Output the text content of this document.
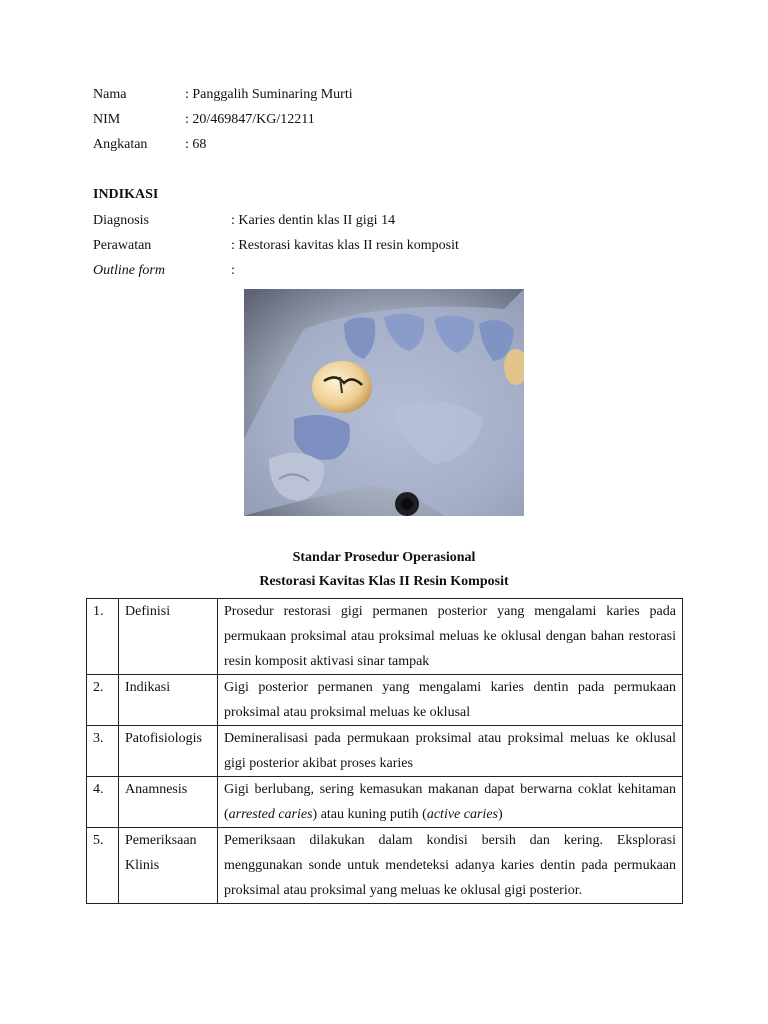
Nama	: Panggalih Suminaring Murti
NIM	: 20/469847/KG/12211
Angkatan	: 68
INDIKASI
Diagnosis	: Karies dentin klas II gigi 14
Perawatan	: Restorasi kavitas klas II resin komposit
Outline form	:
Standar Prosedur Operasional
Restorasi Kavitas Klas II Resin Komposit
1.	Definisi	Prosedur restorasi gigi permanen posterior yang mengalami karies pada permukaan proksimal atau proksimal meluas ke oklusal dengan bahan restorasi resin komposit aktivasi sinar tampak
2.	Indikasi	Gigi posterior permanen yang mengalami karies dentin pada permukaan proksimal atau proksimal meluas ke oklusal
3.	Patofisiologis	Demineralisasi pada permukaan proksimal atau proksimal meluas ke oklusal gigi posterior akibat proses karies
4.	Anamnesis	Gigi berlubang, sering kemasukan makanan dapat berwarna coklat kehitaman (arrested caries) atau kuning putih (active caries)
5.	Pemeriksaan Klinis	Pemeriksaan dilakukan dalam kondisi bersih dan kering. Eksplorasi menggunakan sonde untuk mendeteksi adanya karies dentin pada permukaan proksimal atau proksimal yang meluas ke oklusal gigi posterior.
